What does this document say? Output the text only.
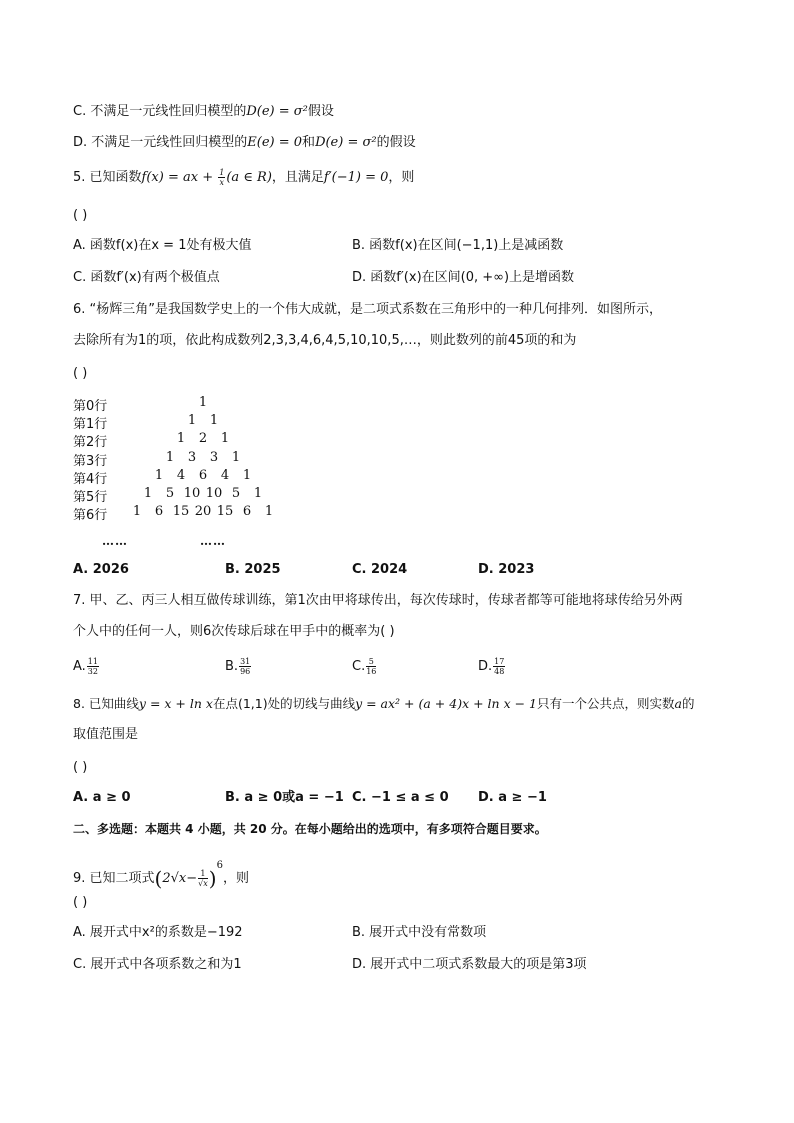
C. 不满足一元线性回归模型的D(e) = σ²假设
D. 不满足一元线性回归模型的E(e) = 0和D(e) = σ²的假设
5. 已知函数f(x) = ax + $\frac{1}{x} (a$ ∈ R)，且满足f′(−1) = 0，则
( )
A. 函数f(x)在x = 1处有极大值	B. 函数f(x)在区间(−1,1)上是减函数
C. 函数f′(x)有两个极值点	D. 函数f′(x)在区间(0, +∞)上是增函数
6. “杨辉三角”是我国数学史上的一个伟大成就，是二项式系数在三角形中的一种几何排列．如图所示，
去除所有为1的项，依此构成数列2,3,3,4,6,4,5,10,10,5,…，则此数列的前45项的和为
( )
第0行	1
第1行	1 1
第2行	1 2 1
第3行	1 3 3 1
第4行	1 4 6 4 1
第5行	1 5 10 10 5 1
第6行 1 6 15 20 15 6 1
……	……
A. 2026	B. 2025	C. 2024	D. 2023
7. 甲、乙、丙三人相互做传球训练，第1次由甲将球传出，每次传球时，传球者都等可能地将球传给另外两
个人中的任何一人，则6次传球后球在甲手中的概率为( )
A. $\frac{11}{32}$	B. $\frac{31}{96}$	C. $\frac{5}{16}$	D. $\frac{17}{48}$
8. 已知曲线y = x + ln x在点(1,1)处的切线与曲线y = ax² + (a + 4)x + ln x − 1只有一个公共点，则实数a的
取值范围是
( )
A. a ≥ 0	B. a ≥ 0或a = −1 C. −1 ≤ a ≤ 0 D. a ≥ −1
二、多选题：本题共 4 小题，共 20 分。在每小题给出的选项中，有多项符合题目要求。
9. 已知二项式$(2√x- \frac{1}{√x} )^6$，则
( )
A. 展开式中x²的系数是−192	B. 展开式中没有常数项
C. 展开式中各项系数之和为1	D. 展开式中二项式系数最大的项是第3项
